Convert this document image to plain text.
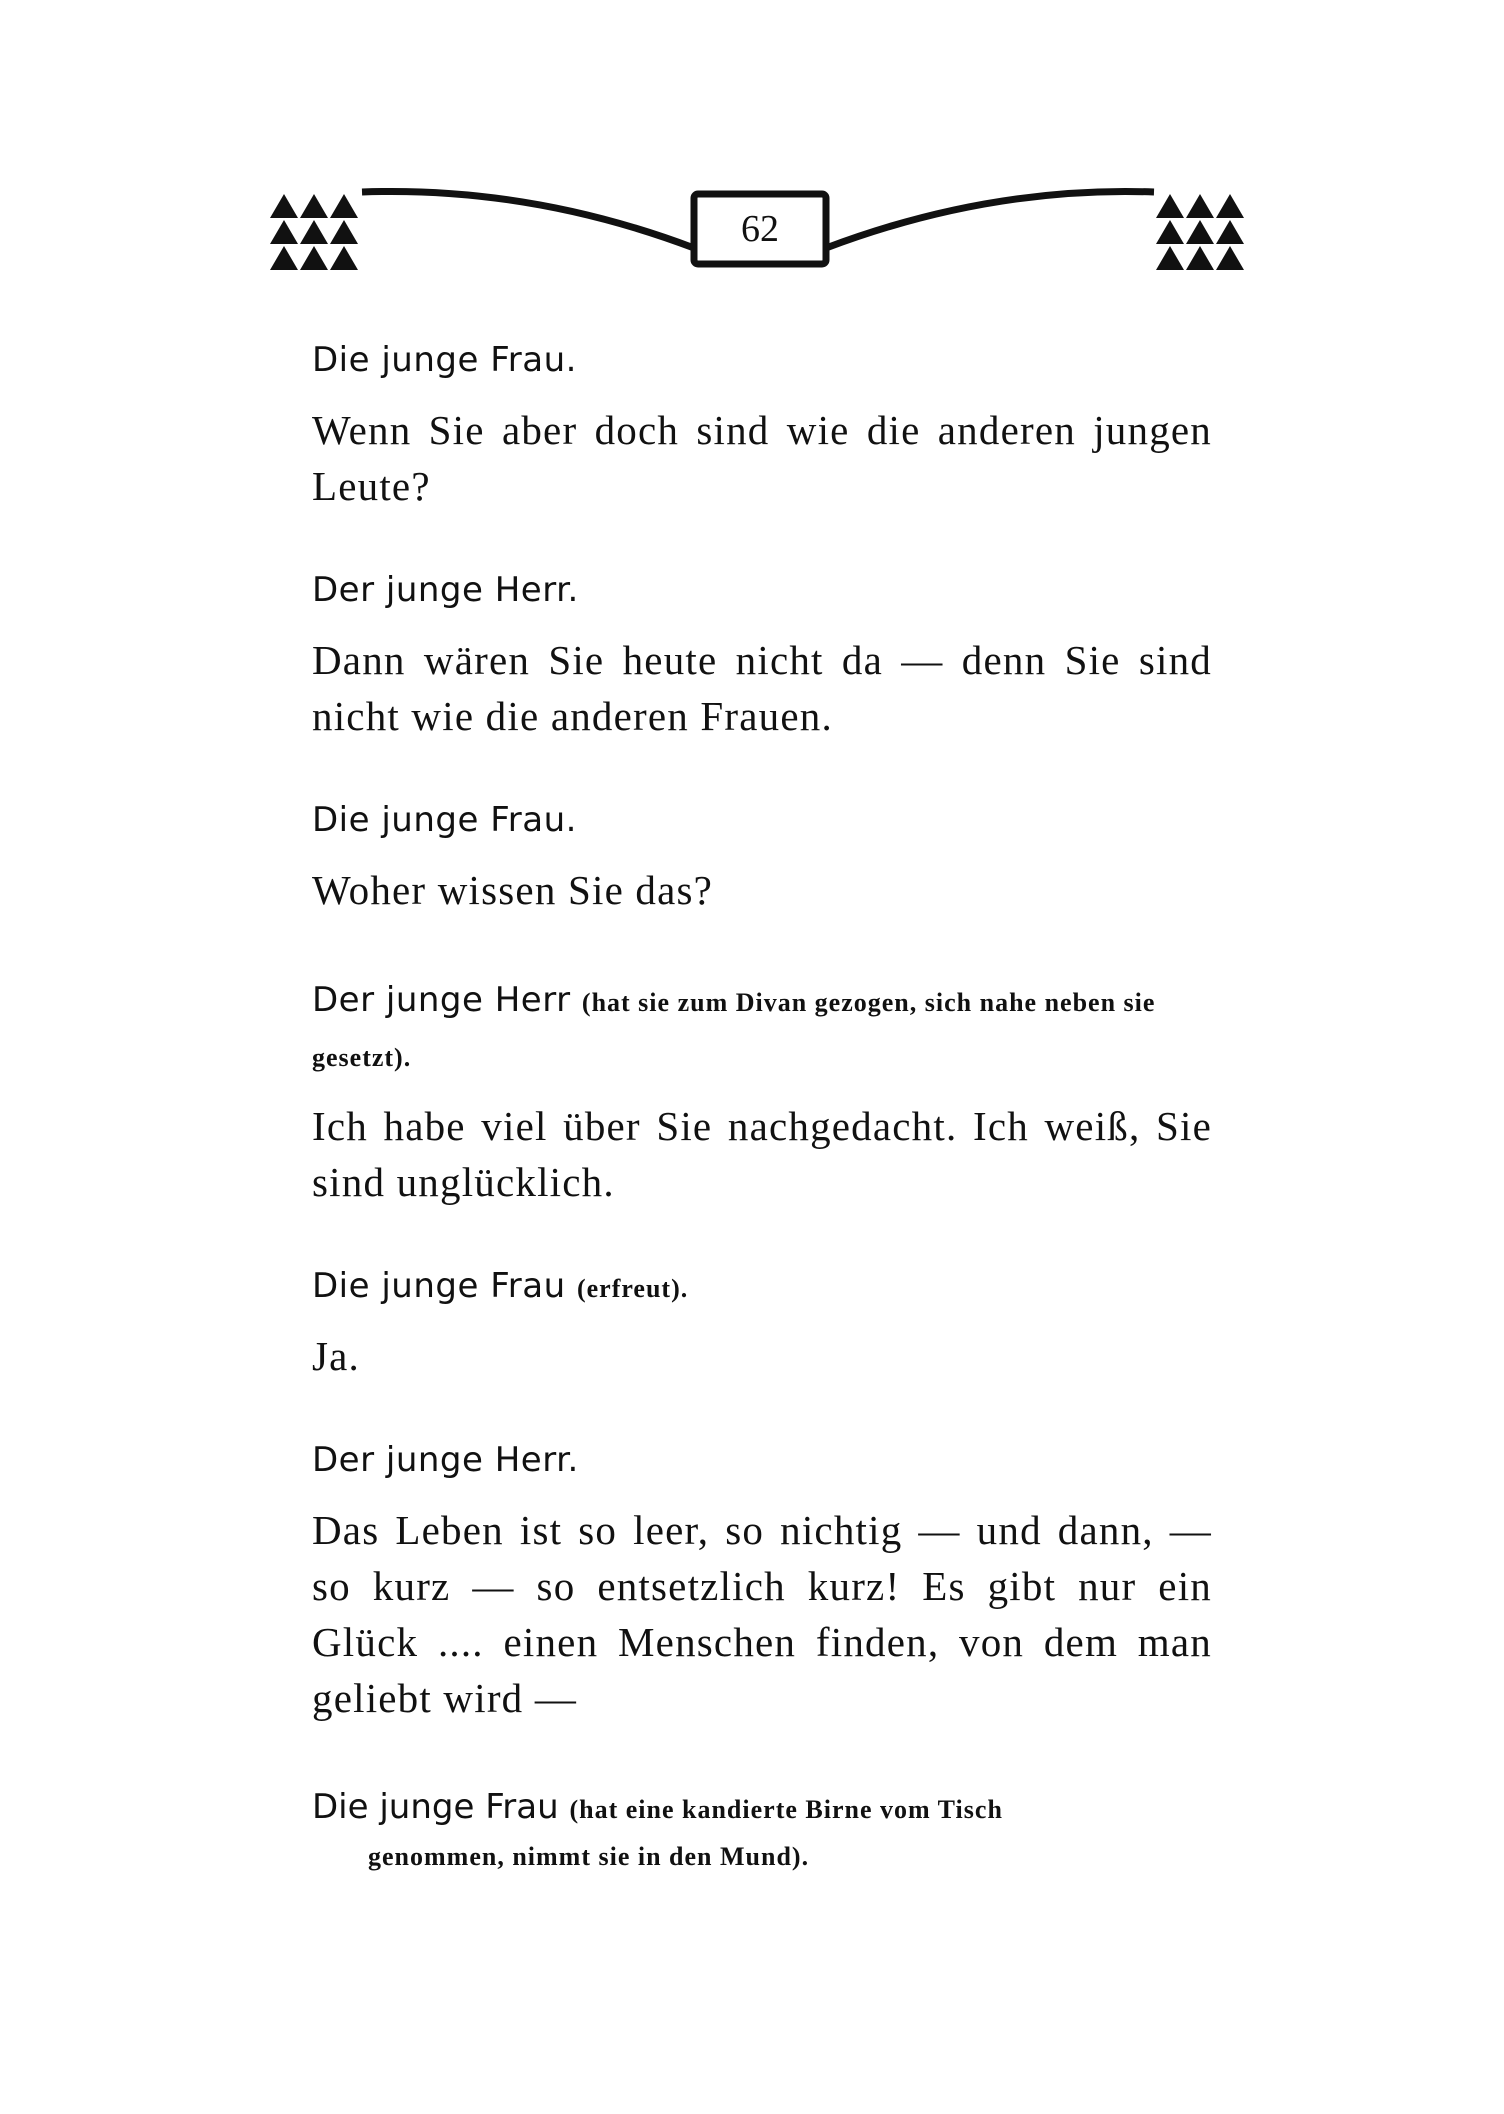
62

Die junge Frau.

Wenn Sie aber doch sind wie die anderen jungen Leute?

Der junge Herr.

Dann wären Sie heute nicht da — denn Sie sind nicht wie die anderen Frauen.

Die junge Frau.

Woher wissen Sie das?

Der junge Herr (hat sie zum Divan gezogen, sich nahe neben sie gesetzt).

Ich habe viel über Sie nachgedacht. Ich weiß, Sie sind unglücklich.

Die junge Frau (erfreut).

Ja.

Der junge Herr.

Das Leben ist so leer, so nichtig — und dann, — so kurz — so entsetzlich kurz! Es gibt nur ein Glück .... einen Menschen finden, von dem man geliebt wird —

Die junge Frau (hat eine kandierte Birne vom Tisch
genommen, nimmt sie in den Mund).
